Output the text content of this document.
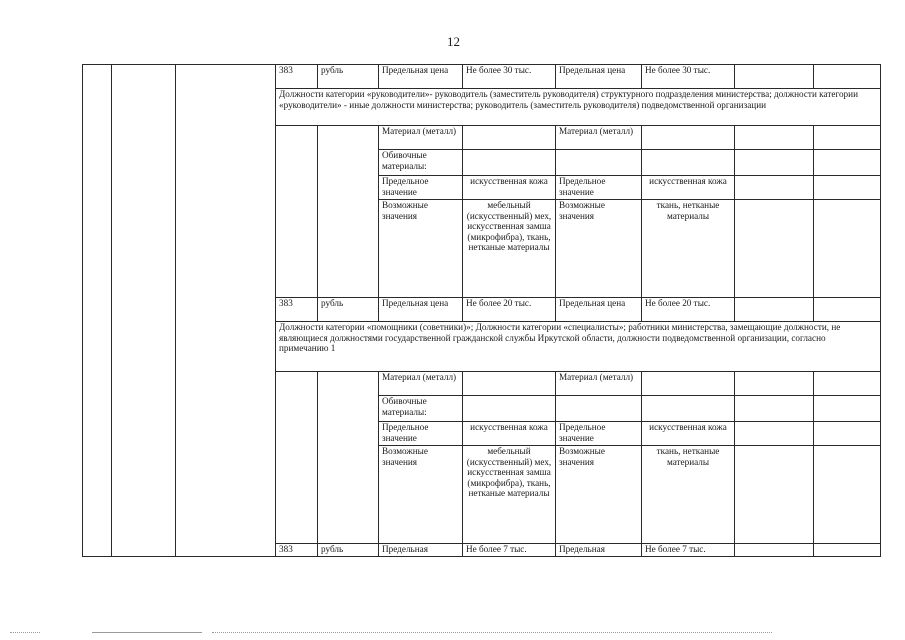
12
			383	рубль	Предельная цена	Не более 30 тыс.	Предельная цена	Не более 30 тыс.		
			Должности категории «руководители»- руководитель (заместитель руководителя) структурного подразделения министерства; должности категории «руководители» - иные должности министерства; руководитель (заместитель руководителя) подведомственной организации							
					Материал (металл)		Материал (металл)			
					Обивочные материалы:					
					Предельное значение	искусственная кожа	Предельное значение	искусственная кожа		
					Возможные значения	мебельный (искусственный) мех, искусственная замша (микрофибра), ткань, нетканые материалы	Возможные значения	ткань, нетканые материалы		
			383	рубль	Предельная цена	Не более 20 тыс.	Предельная цена	Не более 20 тыс.		
			Должности категории «помощники (советники)»; Должности категории «специалисты»; работники министерства, замещающие должности, не являющиеся должностями государственной гражданской службы Иркутской области, должности подведомственной организации, согласно примечанию 1							
					Материал (металл)		Материал (металл)			
					Обивочные материалы:					
					Предельное значение	искусственная кожа	Предельное значение	искусственная кожа		
					Возможные значения	мебельный (искусственный) мех, искусственная замша (микрофибра), ткань, нетканые материалы	Возможные значения	ткань, нетканые материалы		
			383	рубль	Предельная	Не более 7 тыс.	Предельная	Не более 7 тыс.		
